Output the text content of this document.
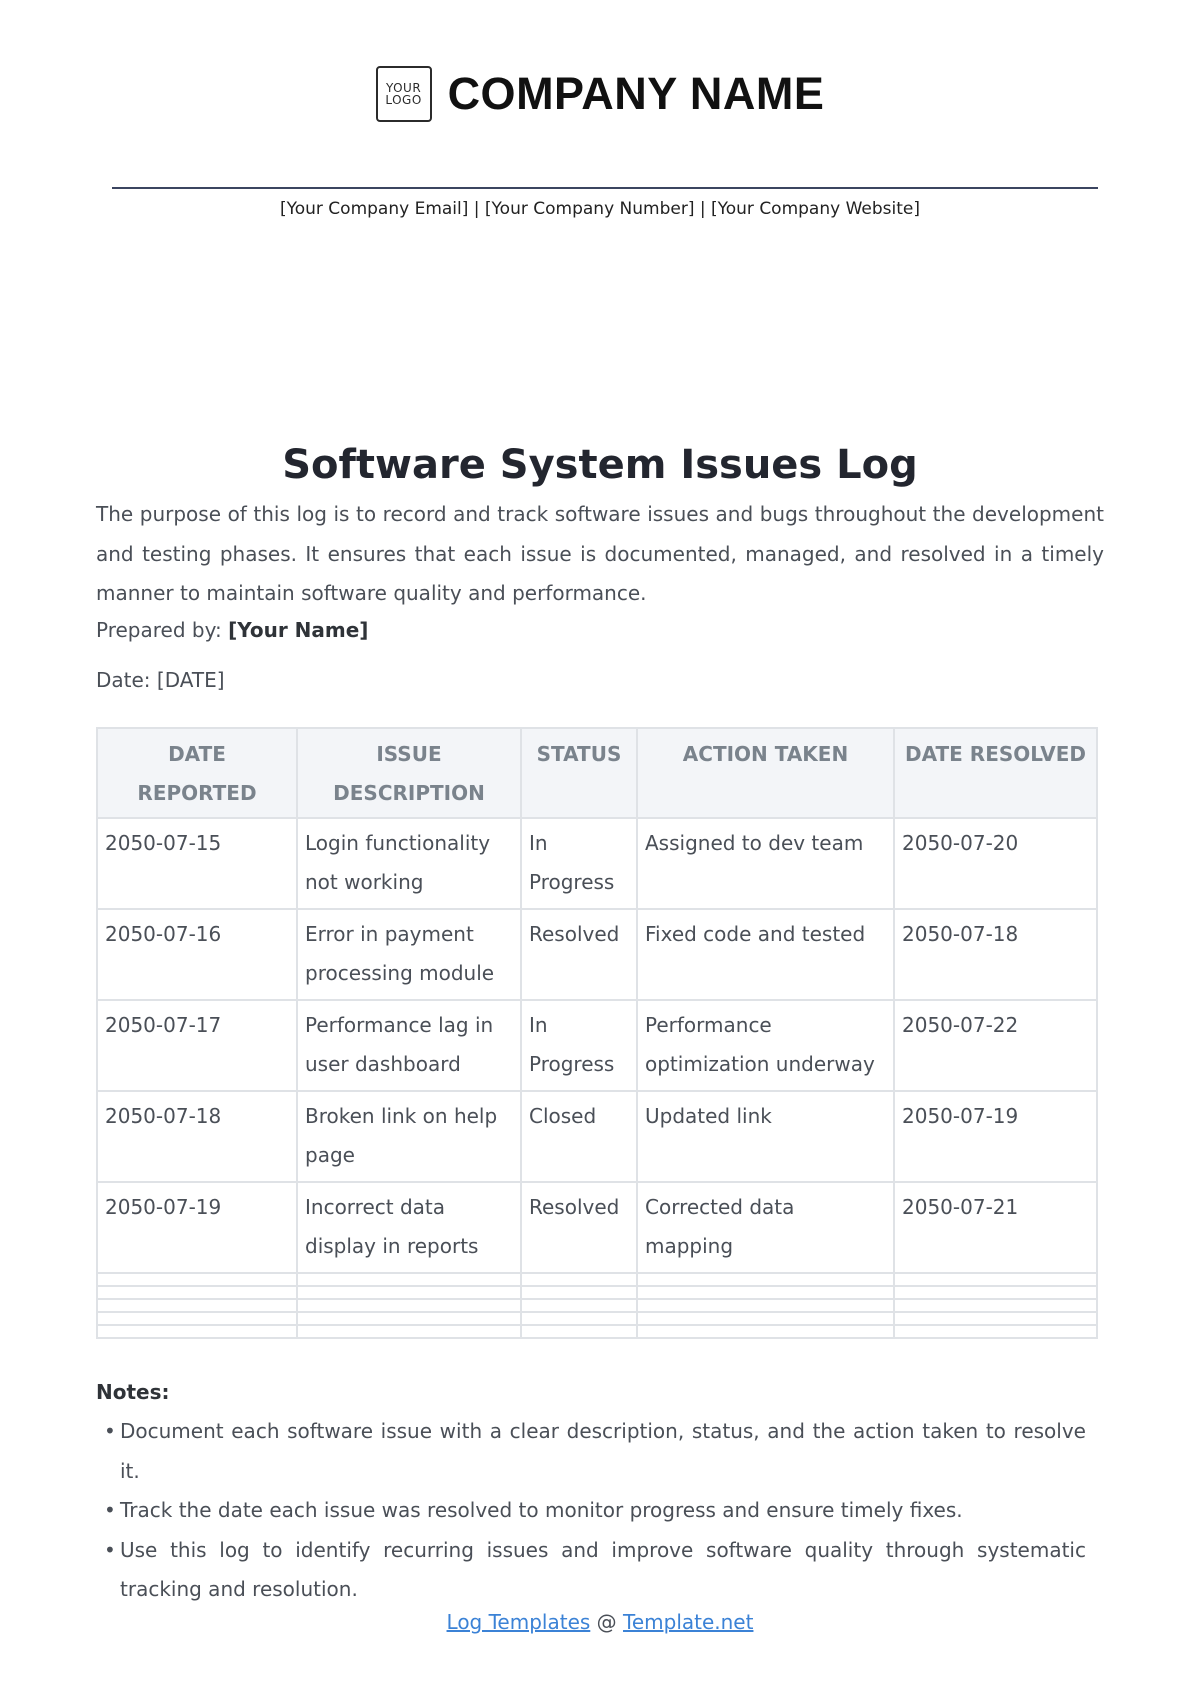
YOUR
LOGO COMPANY NAME
[Your Company Email] | [Your Company Number] | [Your Company Website]
Software System Issues Log

The purpose of this log is to record and track software issues and bugs throughout the development and testing phases. It ensures that each issue is documented, managed, and resolved in a timely manner to maintain software quality and performance.

Prepared by: [Your Name]
Date: [DATE]
DATE REPORTED	ISSUE DESCRIPTION	STATUS	ACTION TAKEN	DATE RESOLVED
2050-07-15	Login functionality not working	In Progress	Assigned to dev team	2050-07-20
2050-07-16	Error in payment processing module	Resolved	Fixed code and tested	2050-07-18
2050-07-17	Performance lag in user dashboard	In Progress	Performance optimization underway	2050-07-22
2050-07-18	Broken link on help page	Closed	Updated link	2050-07-19
2050-07-19	Incorrect data display in reports	Resolved	Corrected data mapping	2050-07-21

Notes:
• Document each software issue with a clear description, status, and the action taken to resolve it.
• Track the date each issue was resolved to monitor progress and ensure timely fixes.
• Use this log to identify recurring issues and improve software quality through systematic tracking and resolution.
Log Templates @ Template.net
